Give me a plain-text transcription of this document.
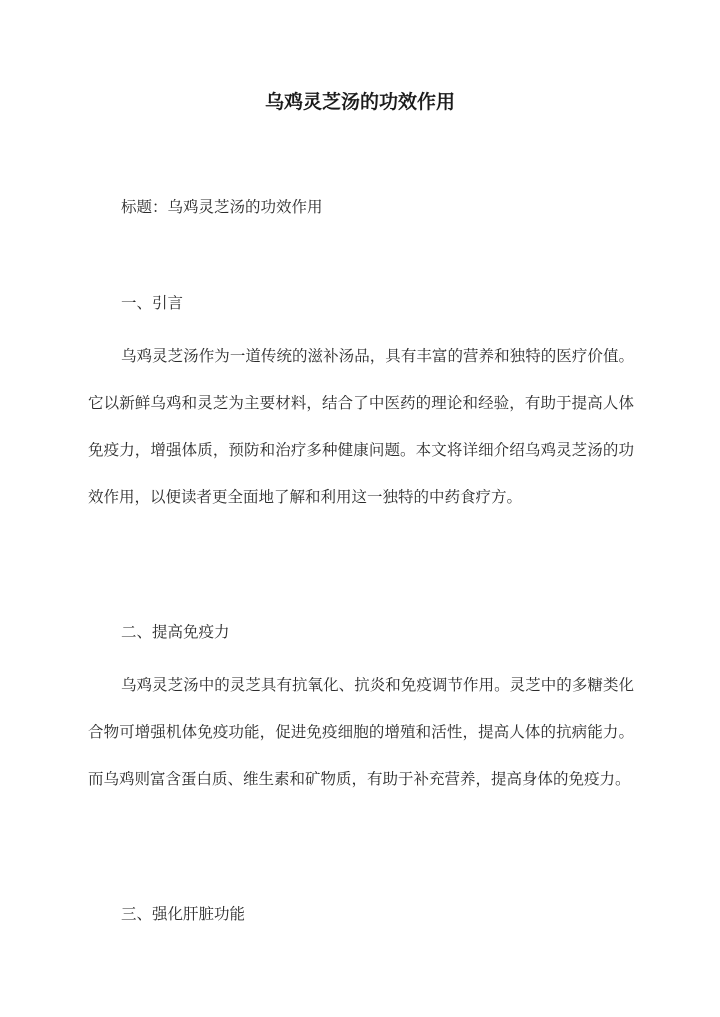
乌鸡灵芝汤的功效作用
标题：乌鸡灵芝汤的功效作用
一、引言

乌鸡灵芝汤作为一道传统的滋补汤品，具有丰富的营养和独特的医疗价值。它以新鲜乌鸡和灵芝为主要材料，结合了中医药的理论和经验，有助于提高人体免疫力，增强体质，预防和治疗多种健康问题。本文将详细介绍乌鸡灵芝汤的功效作用，以便读者更全面地了解和利用这一独特的中药食疗方。

二、提高免疫力

乌鸡灵芝汤中的灵芝具有抗氧化、抗炎和免疫调节作用。灵芝中的多糖类化合物可增强机体免疫功能，促进免疫细胞的增殖和活性，提高人体的抗病能力。而乌鸡则富含蛋白质、维生素和矿物质，有助于补充营养，提高身体的免疫力。

三、强化肝脏功能
